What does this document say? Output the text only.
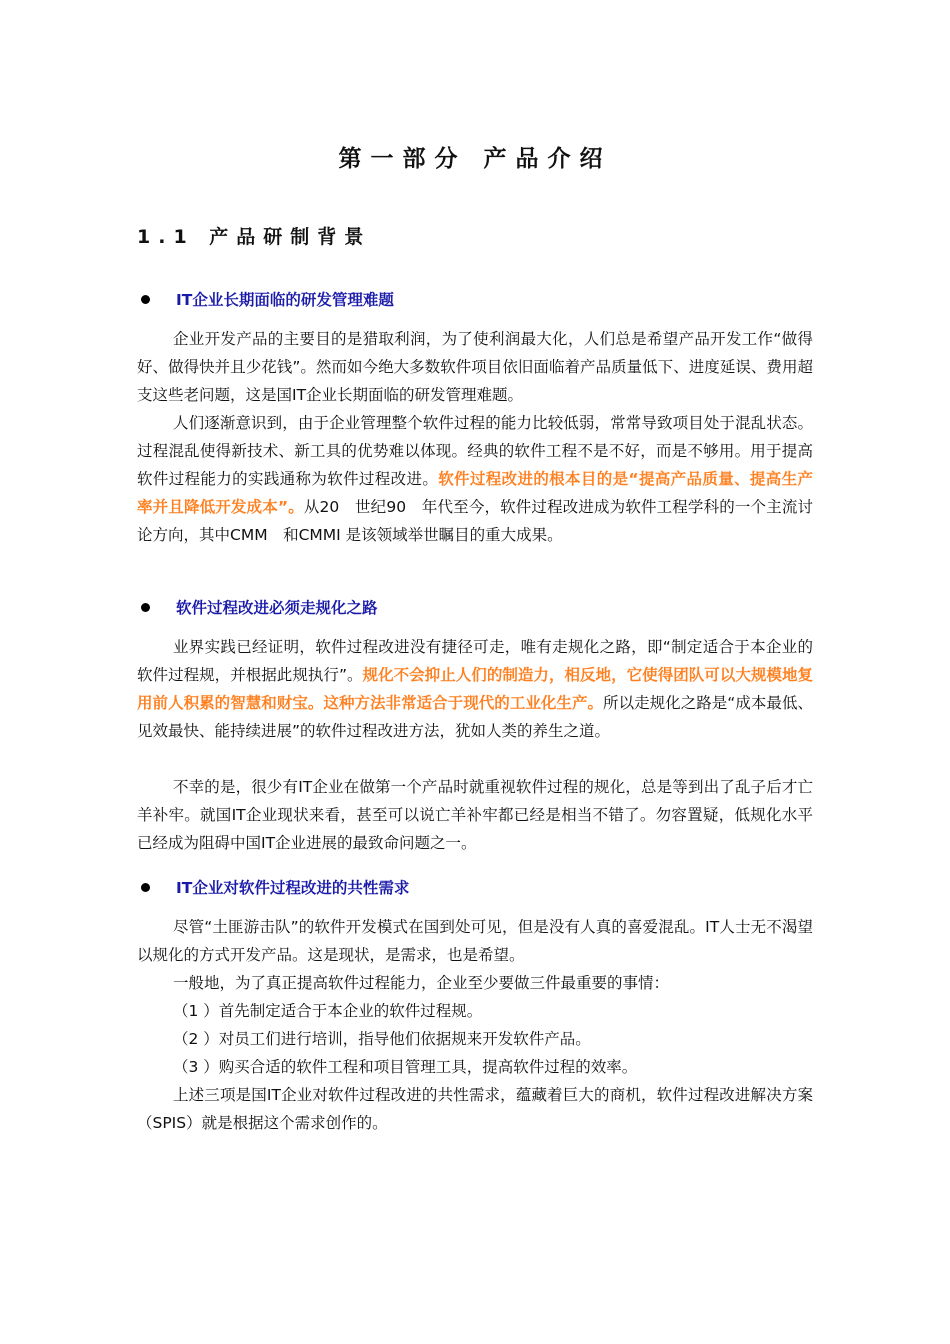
第一部分 产品介绍
1.1 产品研制背景
IT企业长期面临的研发管理难题

企业开发产品的主要目的是猎取利润，为了使利润最大化，人们总是希望产品开发工作“做得好、做得快并且少花钱”。然而如今绝大多数软件项目依旧面临着产品质量低下、进度延误、费用超支这些老问题，这是国IT企业长期面临的研发管理难题。

人们逐渐意识到，由于企业管理整个软件过程的能力比较低弱，常常导致项目处于混乱状态。过程混乱使得新技术、新工具的优势难以体现。经典的软件工程不是不好，而是不够用。用于提高软件过程能力的实践通称为软件过程改进。软件过程改进的根本目的是“提高产品质量、提高生产率并且降低开发成本”。从20　世纪90　年代至今，软件过程改进成为软件工程学科的一个主流讨论方向，其中CMM　和CMMI 是该领域举世瞩目的重大成果。

软件过程改进必须走规化之路

业界实践已经证明，软件过程改进没有捷径可走，唯有走规化之路，即“制定适合于本企业的软件过程规，并根据此规执行”。规化不会抑止人们的制造力，相反地，它使得团队可以大规模地复用前人积累的智慧和财宝。这种方法非常适合于现代的工业化生产。所以走规化之路是“成本最低、见效最快、能持续进展”的软件过程改进方法，犹如人类的养生之道。

不幸的是，很少有IT企业在做第一个产品时就重视软件过程的规化，总是等到出了乱子后才亡羊补牢。就国IT企业现状来看，甚至可以说亡羊补牢都已经是相当不错了。勿容置疑，低规化水平已经成为阻碍中国IT企业进展的最致命问题之一。

IT企业对软件过程改进的共性需求

尽管“土匪游击队”的软件开发模式在国到处可见，但是没有人真的喜爱混乱。IT人士无不渴望以规化的方式开发产品。这是现状，是需求，也是希望。

一般地，为了真正提高软件过程能力，企业至少要做三件最重要的事情：

（1 ）首先制定适合于本企业的软件过程规。
（2 ）对员工们进行培训，指导他们依据规来开发软件产品。
（3 ）购买合适的软件工程和项目管理工具，提高软件过程的效率。

上述三项是国IT企业对软件过程改进的共性需求，蕴藏着巨大的商机，软件过程改进解决方案（SPIS）就是根据这个需求创作的。
